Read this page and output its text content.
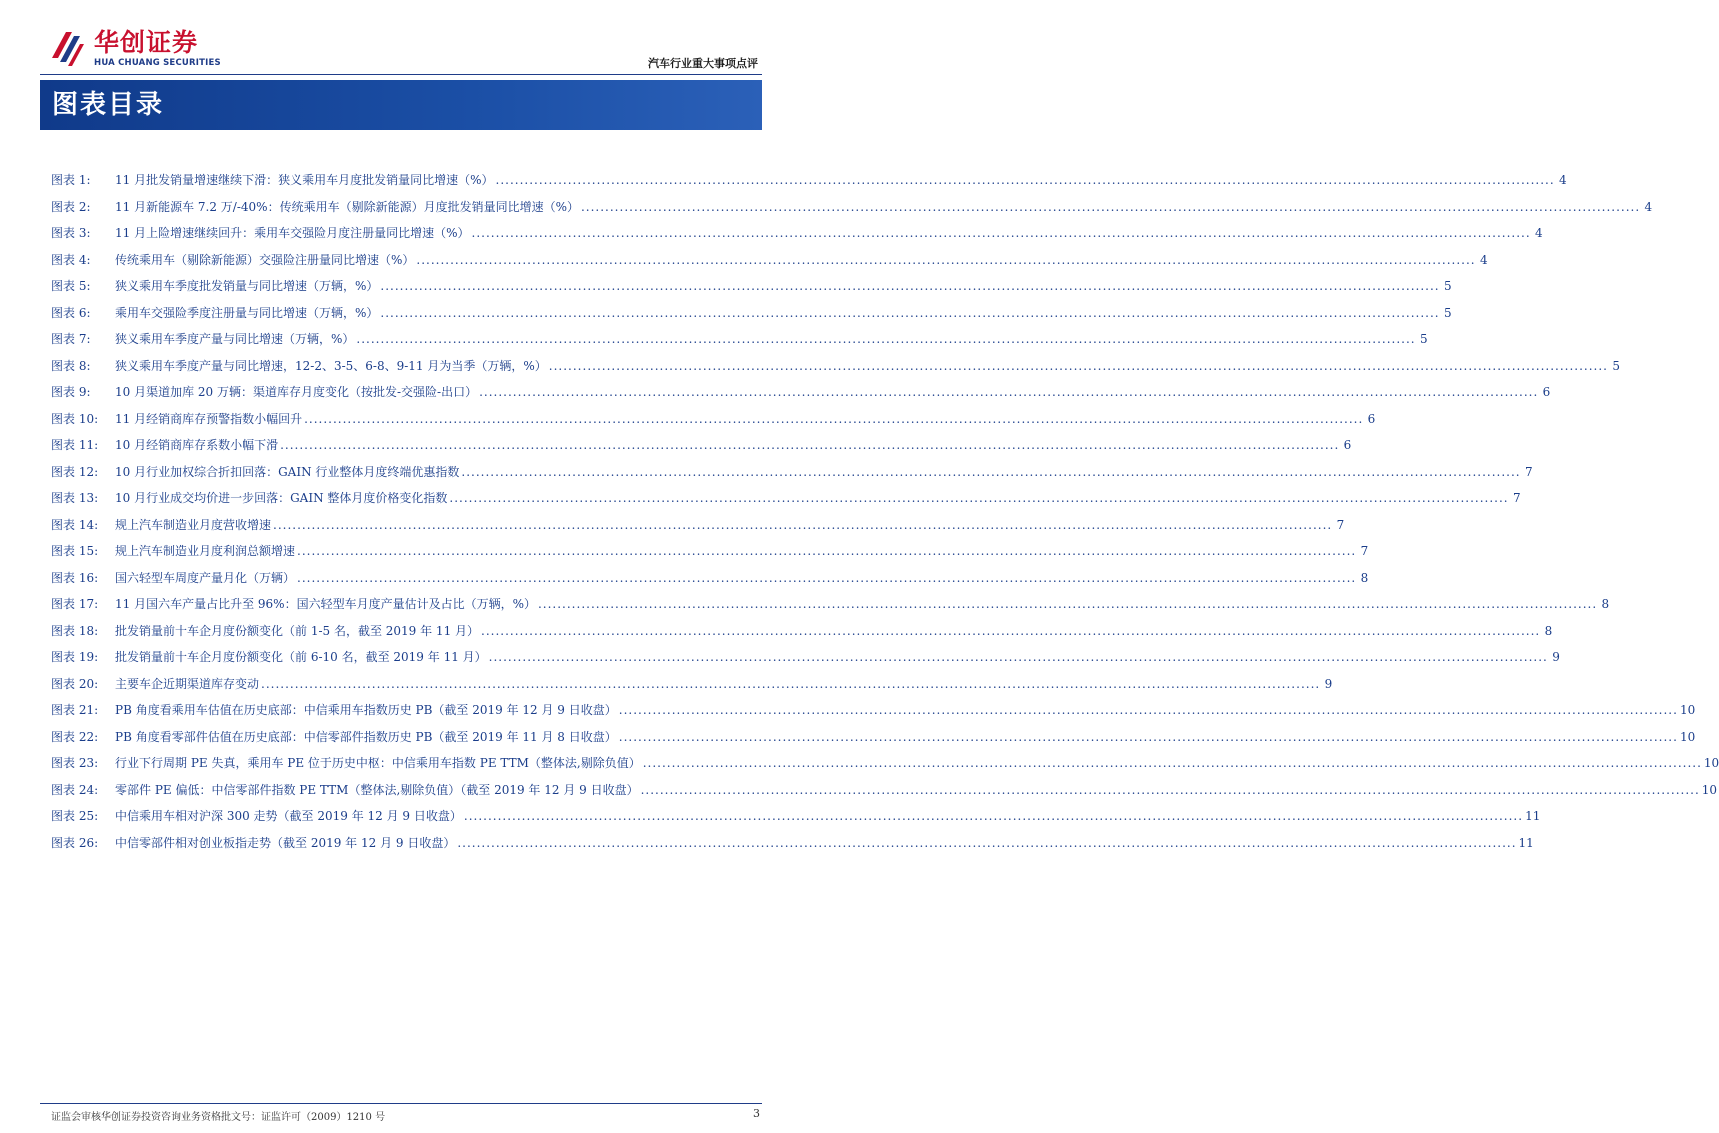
华创证券
HUA CHUANG SECURITIES	汽车行业重大事项点评
图表目录
图表 1:	11 月批发销量增速继续下滑：狭义乘用车月度批发销量同比增速（%） ............................................................................................................................................................................................................................ 4
图表 2:	11 月新能源车 7.2 万/-40%：传统乘用车（剔除新能源）月度批发销量同比增速（%） ............................................................................................................................................................................................................................ 4
图表 3:	11 月上险增速继续回升：乘用车交强险月度注册量同比增速（%） ............................................................................................................................................................................................................................ 4
图表 4:	传统乘用车（剔除新能源）交强险注册量同比增速（%） ............................................................................................................................................................................................................................ 4
图表 5:	狭义乘用车季度批发销量与同比增速（万辆，%） ............................................................................................................................................................................................................................ 5
图表 6:	乘用车交强险季度注册量与同比增速（万辆，%） ............................................................................................................................................................................................................................ 5
图表 7:	狭义乘用车季度产量与同比增速（万辆，%） ............................................................................................................................................................................................................................ 5
图表 8:	狭义乘用车季度产量与同比增速，12-2、3-5、6-8、9-11 月为当季（万辆，%） ............................................................................................................................................................................................................................ 5
图表 9:	10 月渠道加库 20 万辆：渠道库存月度变化（按批发-交强险-出口） ............................................................................................................................................................................................................................ 6
图表 10:	11 月经销商库存预警指数小幅回升 ............................................................................................................................................................................................................................ 6
图表 11:	10 月经销商库存系数小幅下滑 ............................................................................................................................................................................................................................ 6
图表 12:	10 月行业加权综合折扣回落：GAIN 行业整体月度终端优惠指数 ............................................................................................................................................................................................................................ 7
图表 13:	10 月行业成交均价进一步回落：GAIN 整体月度价格变化指数 ............................................................................................................................................................................................................................ 7
图表 14:	规上汽车制造业月度营收增速 ............................................................................................................................................................................................................................ 7
图表 15:	规上汽车制造业月度利润总额增速 ............................................................................................................................................................................................................................ 7
图表 16:	国六轻型车周度产量月化（万辆） ............................................................................................................................................................................................................................ 8
图表 17:	11 月国六车产量占比升至 96%：国六轻型车月度产量估计及占比（万辆，%） ............................................................................................................................................................................................................................ 8
图表 18:	批发销量前十车企月度份额变化（前 1-5 名，截至 2019 年 11 月） ............................................................................................................................................................................................................................ 8
图表 19:	批发销量前十车企月度份额变化（前 6-10 名，截至 2019 年 11 月） ............................................................................................................................................................................................................................ 9
图表 20:	主要车企近期渠道库存变动 ............................................................................................................................................................................................................................ 9
图表 21:	PB 角度看乘用车估值在历史底部：中信乘用车指数历史 PB（截至 2019 年 12 月 9 日收盘） ............................................................................................................................................................................................................................ 10
图表 22:	PB 角度看零部件估值在历史底部：中信零部件指数历史 PB（截至 2019 年 11 月 8 日收盘） ............................................................................................................................................................................................................................ 10
图表 23:	行业下行周期 PE 失真，乘用车 PE 位于历史中枢：中信乘用车指数 PE TTM（整体法,剔除负值） ............................................................................................................................................................................................................................ 10
图表 24:	零部件 PE 偏低：中信零部件指数 PE TTM（整体法,剔除负值）（截至 2019 年 12 月 9 日收盘） ............................................................................................................................................................................................................................ 10
图表 25:	中信乘用车相对沪深 300 走势（截至 2019 年 12 月 9 日收盘） ............................................................................................................................................................................................................................ 11
图表 26:	中信零部件相对创业板指走势（截至 2019 年 12 月 9 日收盘） ............................................................................................................................................................................................................................ 11
证监会审核华创证券投资咨询业务资格批文号：证监许可（2009）1210 号	3
